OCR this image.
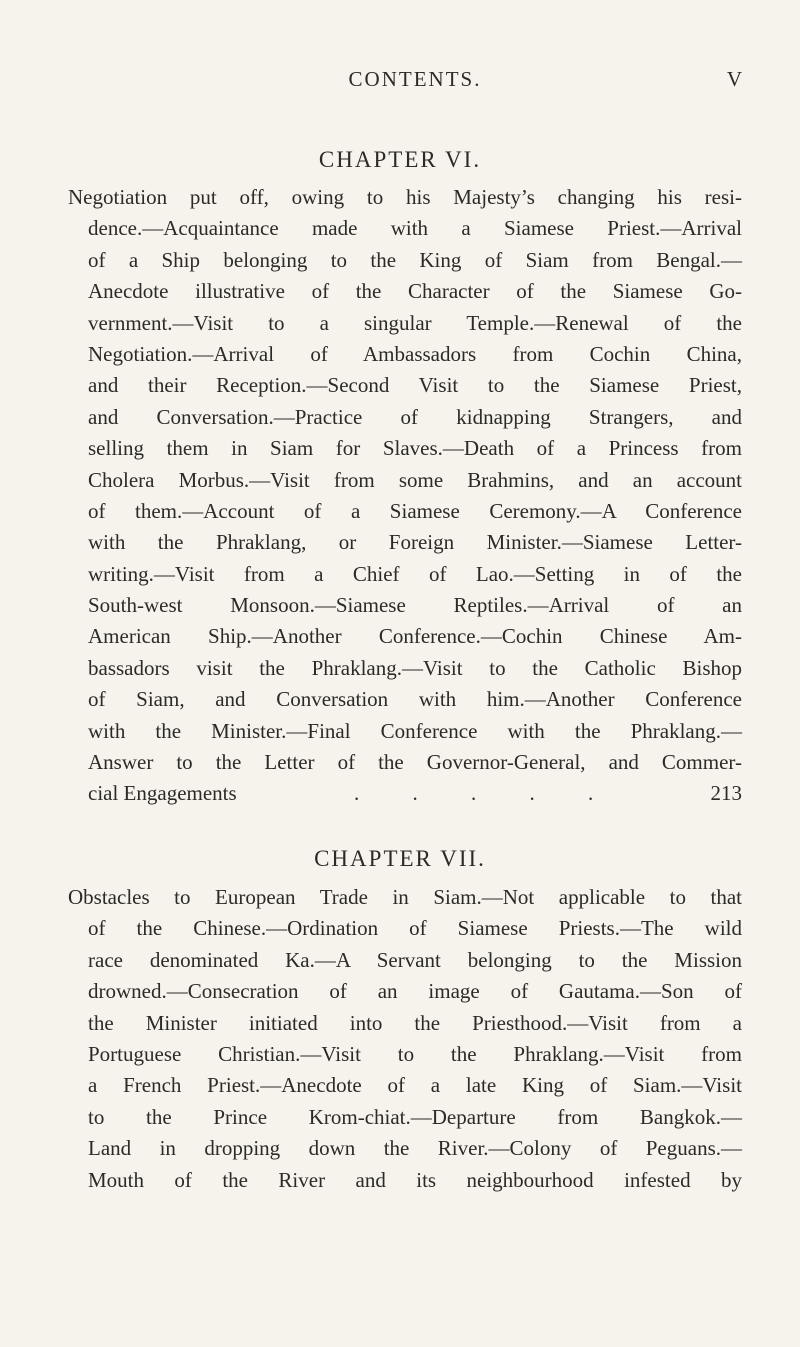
CONTENTS.	V
CHAPTER VI.
Negotiation put off, owing to his Majesty’s changing his resi-
dence.—Acquaintance made with a Siamese Priest.—Arrival
of a Ship belonging to the King of Siam from Bengal.—
Anecdote illustrative of the Character of the Siamese Go-
vernment.—Visit to a singular Temple.—Renewal of the
Negotiation.—Arrival of Ambassadors from Cochin China,
and their Reception.—Second Visit to the Siamese Priest,
and Conversation.—Practice of kidnapping Strangers, and
selling them in Siam for Slaves.—Death of a Princess from
Cholera Morbus.—Visit from some Brahmins, and an account
of them.—Account of a Siamese Ceremony.—A Conference
with the Phraklang, or Foreign Minister.—Siamese Letter-
writing.—Visit from a Chief of Lao.—Setting in of the
South-west Monsoon.—Siamese Reptiles.—Arrival of an
American Ship.—Another Conference.—Cochin Chinese Am-
bassadors visit the Phraklang.—Visit to the Catholic Bishop
of Siam, and Conversation with him.—Another Conference
with the Minister.—Final Conference with the Phraklang.—
Answer to the Letter of the Governor-General, and Commer-
cial Engagements	. . . . .	213
CHAPTER VII.
Obstacles to European Trade in Siam.—Not applicable to that
of the Chinese.—Ordination of Siamese Priests.—The wild
race denominated Ka.—A Servant belonging to the Mission
drowned.—Consecration of an image of Gautama.—Son of
the Minister initiated into the Priesthood.—Visit from a
Portuguese Christian.—Visit to the Phraklang.—Visit from
a French Priest.—Anecdote of a late King of Siam.—Visit
to the Prince Krom-chiat.—Departure from Bangkok.—
Land in dropping down the River.—Colony of Peguans.—
Mouth of the River and its neighbourhood infested by
